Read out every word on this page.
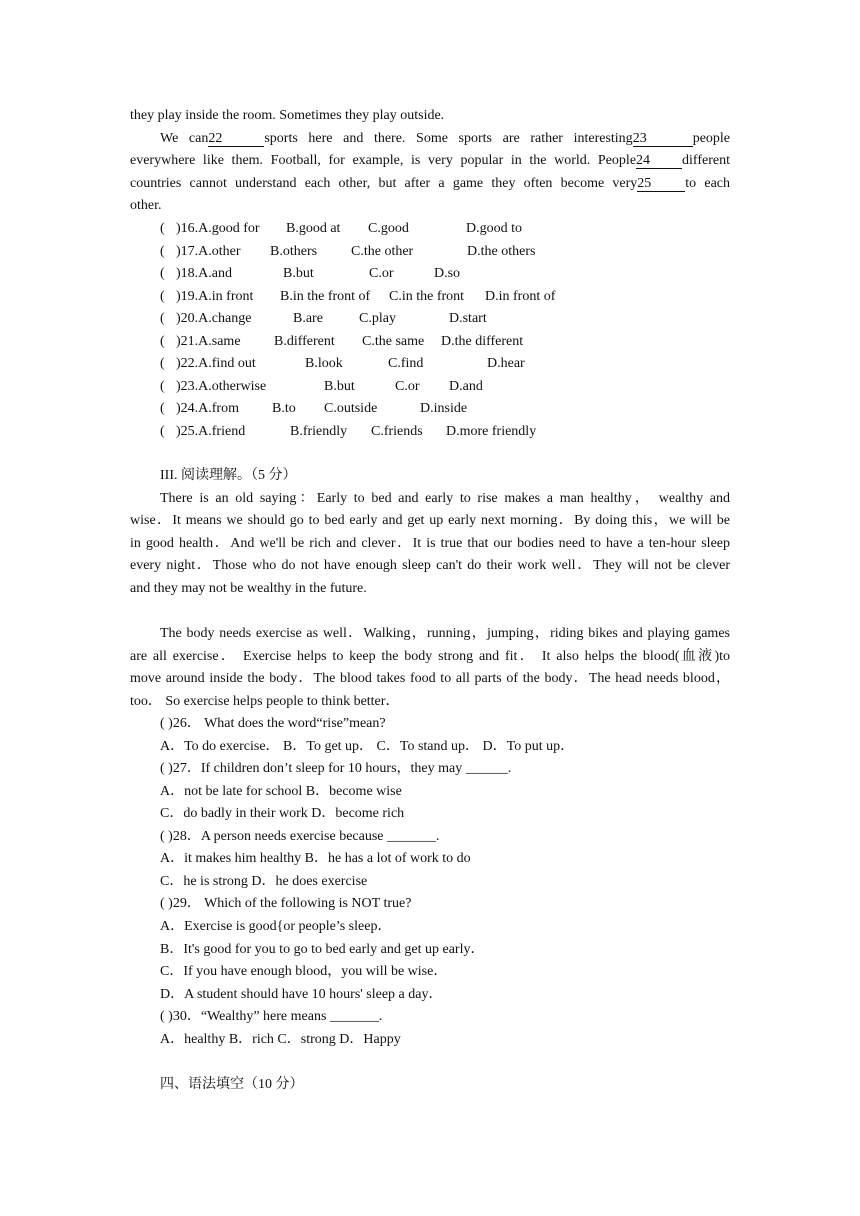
they play inside the room. Sometimes they play outside.
We can22	sports here and there. Some sports are rather interesting23	people
everywhere like them. Football, for example, is very popular in the world. People24 different
countries cannot understand each other, but after a game they often become very25 to each
other.
( )16.A.good for B.good at C.good	D.good to
( )17.A.other B.others C.the other	D.the others
( )18.A.and	B.but	C.or	D.so
( )19.A.in front B.in the front of C.in the front D.in front of
( )20.A.change	B.are	C.play	D.start
( )21.A.same B.different C.the same D.the different
( )22.A.find out	B.look	C.find	D.hear
( )23.A.otherwise	B.but	C.or D.and
( )24.A.from B.to C.outside	D.inside
( )25.A.friend	B.friendly C.friends D.more friendly
III. 阅读理解。（5 分）
There is an old saying：Early to bed and early to rise makes a man healthy， wealthy and
wise．It means we should go to bed early and get up early next morning．By doing this，we will be
in good health．And we'll be rich and clever．It is true that our bodies need to have a ten-hour sleep
every night．Those who do not have enough sleep can't do their work well．They will not be clever
and they may not be wealthy in the future.
The body needs exercise as well．Walking，running，jumping，riding bikes and playing games
are all exercise． Exercise helps to keep the body strong and fit． It also helps the blood(血液)to
move around inside the body．The blood takes food to all parts of the body．The head needs blood，
too． So exercise helps people to think better．
( )26． What does the word“rise”mean?
A．To do exercise． B．To get up． C．To stand up． D．To put up．
( )27．If children don’t sleep for 10 hours，they may ______.
A．not be late for school B．become wise
C．do badly in their work D．become rich
( )28．A person needs exercise because _______.
A．it makes him healthy B．he has a lot of work to do
C．he is strong D．he does exercise
( )29． Which of the following is NOT true?
A．Exercise is good{or people’s sleep．
B．It's good for you to go to bed early and get up early．
C．If you have enough blood，you will be wise．
D．A student should have 10 hours' sleep a day．
( )30．“Wealthy” here means _______.
A．healthy B．rich C．strong D．Happy
四、语法填空（10 分）
